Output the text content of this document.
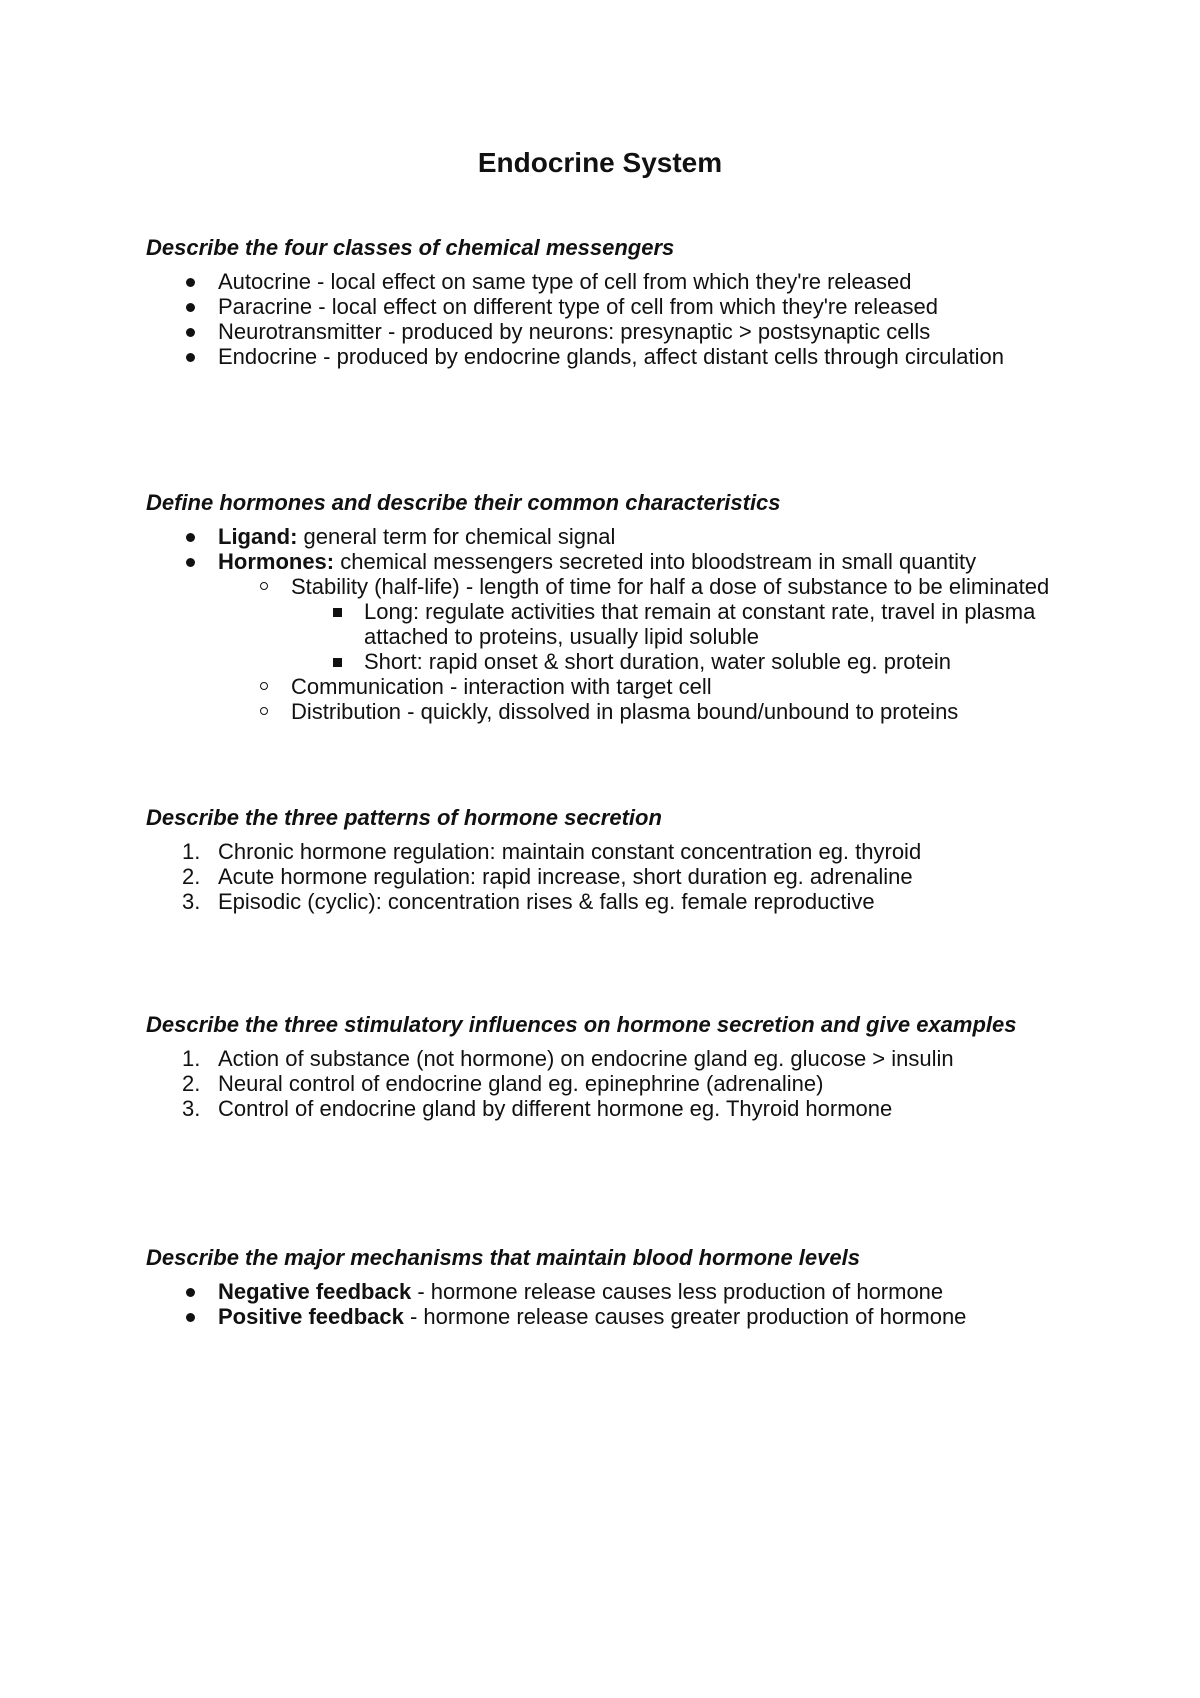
Endocrine System

Describe the four classes of chemical messengers

Autocrine - local effect on same type of cell from which they're released
Paracrine - local effect on different type of cell from which they're released
Neurotransmitter - produced by neurons: presynaptic > postsynaptic cells
Endocrine - produced by endocrine glands, affect distant cells through circulation

Define hormones and describe their common characteristics

Ligand: general term for chemical signal
Hormones: chemical messengers secreted into bloodstream in small quantity
Stability (half-life) - length of time for half a dose of substance to be eliminated
Long: regulate activities that remain at constant rate, travel in plasma attached to proteins, usually lipid soluble
Short: rapid onset & short duration, water soluble eg. protein
Communication - interaction with target cell
Distribution - quickly, dissolved in plasma bound/unbound to proteins

Describe the three patterns of hormone secretion

1. Chronic hormone regulation: maintain constant concentration eg. thyroid
2. Acute hormone regulation: rapid increase, short duration eg. adrenaline
3. Episodic (cyclic): concentration rises & falls eg. female reproductive

Describe the three stimulatory influences on hormone secretion and give examples

1. Action of substance (not hormone) on endocrine gland eg. glucose > insulin
2. Neural control of endocrine gland eg. epinephrine (adrenaline)
3. Control of endocrine gland by different hormone eg. Thyroid hormone

Describe the major mechanisms that maintain blood hormone levels

Negative feedback - hormone release causes less production of hormone
Positive feedback - hormone release causes greater production of hormone
